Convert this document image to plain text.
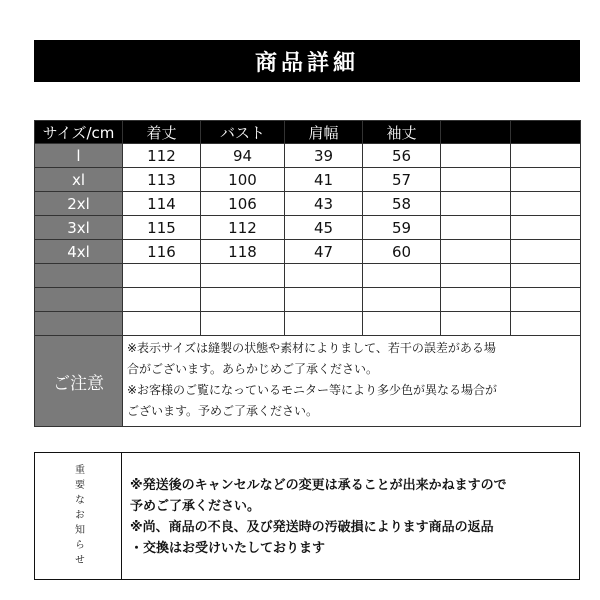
商品詳細
サイズ/cm	着丈	バスト	肩幅	袖丈		
l	112	94	39	56		
xl	113	100	41	57		
2xl	114	106	43	58		
3xl	115	112	45	59		
4xl	116	118	47	60		

ご注意	※表示サイズは縫製の状態や素材によりまして、若干の誤差がある場
合がございます。あらかじめご了承ください。
※お客様のご覧になっているモニター等により多少色が異なる場合が
ございます。予めご了承ください。					
重要なお知らせ	※発送後のキャンセルなどの変更は承ることが出来かねますので

予めご了承ください。

※尚、商品の不良、及び発送時の汚破損によります商品の返品

・交換はお受けいたしております
